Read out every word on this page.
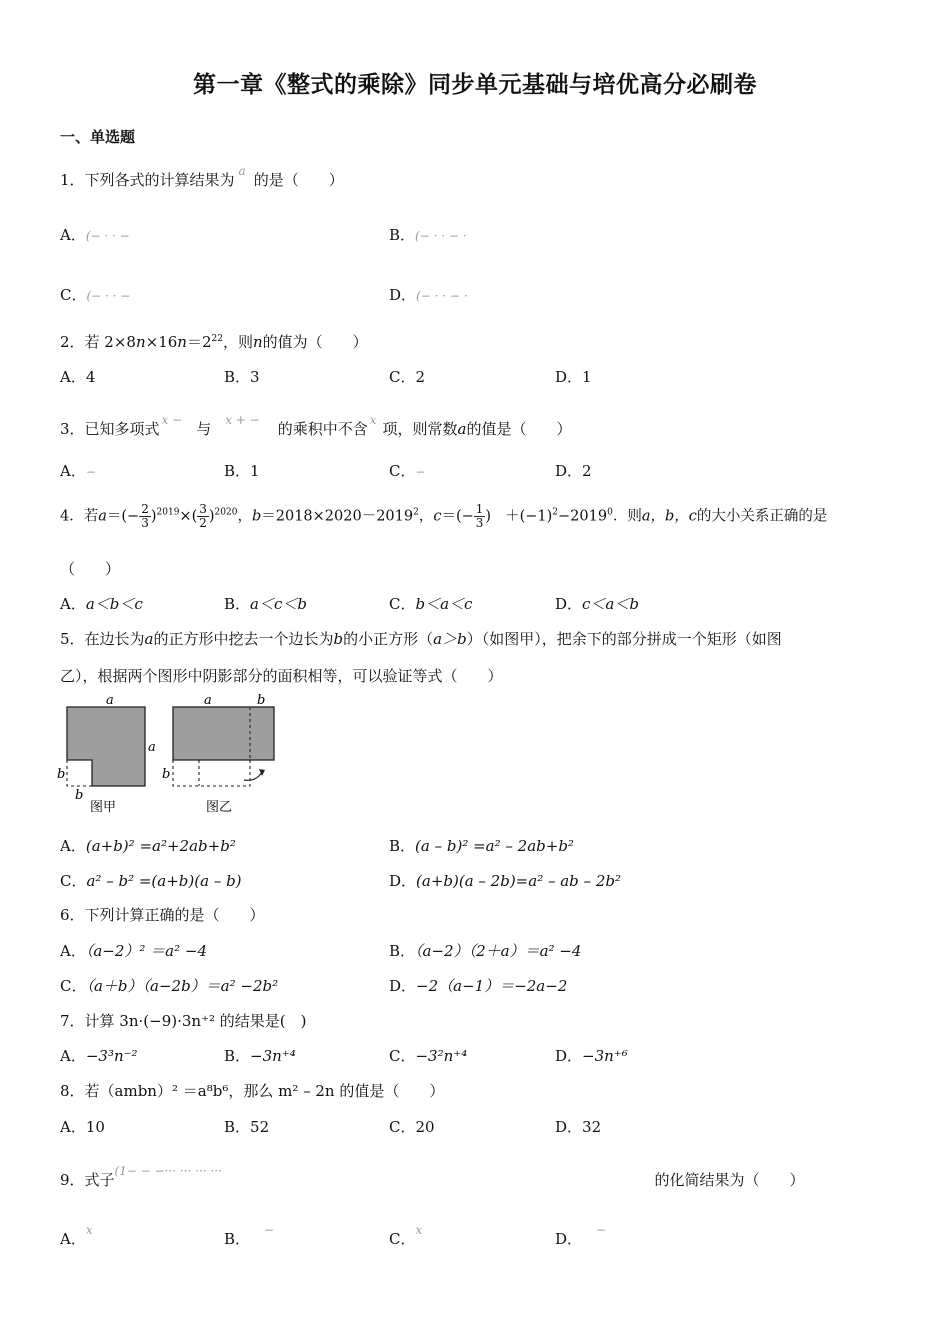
第一章《整式的乘除》同步单元基础与培优高分必刷卷
一、单选题
1．下列各式的计算结果为 $^a$ 的是（　　）
A．(− · · −	B．(− · · − ·
C．(− · · −	D．(− · · − ·
2．若 $2\times 8n\times 16n=2^{22}$，则n的值为（　　）
A．4	B．3	C．2	D．1
3．已知多项式 $^{x -}$ 与 $^{x + -}$ 的乘积中不含 $^x$ 项，则常数a的值是（　　）
A．−	B．1	C．−	D．2
4．若$a=(- \frac{2}{3} )^{2019}\times( \frac{3}{2} )^{2020}$，$b=2018\times 2020-2019^2$，$c=(- \frac{1}{3}$ ) $+(-1)^2-2019^0$．则a，b，c的大小关系正确的是
（　　）
A．a＜b＜c	B．a＜c＜b	C．b＜a＜c	D．c＜a＜b
5．在边长为a的正方形中挖去一个边长为b的小正方形（a＞b）（如图甲），把余下的部分拼成一个矩形（如图
乙），根据两个图形中阴影部分的面积相等，可以验证等式（　　）
a
a
b
b
图甲
a	b
b
图乙
A．(a+b)² =a²+2ab+b²	B．(a – b)² =a² – 2ab+b²
C．a² – b² =(a+b)(a – b)	D．(a+b)(a – 2b)=a² – ab – 2b²
6．下列计算正确的是（　　）
A．（a−2）² ＝a² −4	B．（a−2）（2＋a）＝a² −4
C．（a＋b）（a−2b）＝a² −2b²	D．−2（a−1）＝−2a−2
7．计算 3n·(−9)·3n⁺² 的结果是(　)
A．−3³n⁻²	B．−3n⁺⁴	C．−3²n⁺⁴	D．−3n⁺⁶
8．若（ambn）² ＝a⁸b⁶，那么 m² – 2n 的值是（　　）
A．10	B．52	C．20	D．32
9．式子(1− − −··· ··· ··· ···	的化简结果为（　　）
A．$^x$	B． −	C．$^x$	D． −
